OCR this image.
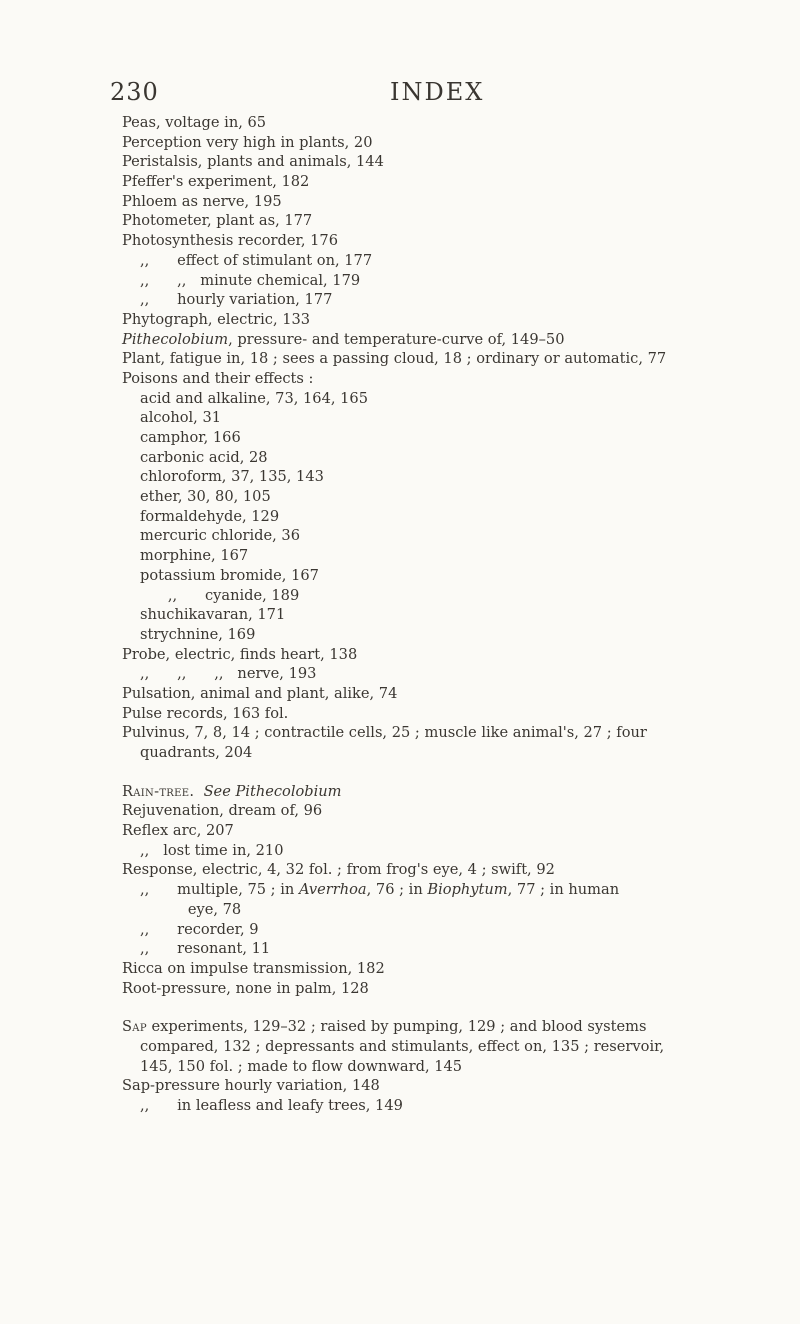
230	INDEX
Peas, voltage in, 65
Perception very high in plants, 20
Peristalsis, plants and animals, 144
Pfeffer's experiment, 182
Phloem as nerve, 195
Photometer, plant as, 177
Photosynthesis recorder, 176
,,      effect of stimulant on, 177
,,      ,,   minute chemical, 179
,,      hourly variation, 177
Phytograph, electric, 133
Pithecolobium, pressure- and temperature-curve of, 149–50
Plant, fatigue in, 18 ; sees a passing cloud, 18 ; ordinary or automatic, 77
Poisons and their effects :
acid and alkaline, 73, 164, 165
alcohol, 31
camphor, 166
carbonic acid, 28
chloroform, 37, 135, 143
ether, 30, 80, 105
formaldehyde, 129
mercuric chloride, 36
morphine, 167
potassium bromide, 167
,,      cyanide, 189
shuchikavaran, 171
strychnine, 169
Probe, electric, finds heart, 138
,,      ,,      ,,   nerve, 193
Pulsation, animal and plant, alike, 74
Pulse records, 163 fol.
Pulvinus, 7, 8, 14 ; contractile cells, 25 ; muscle like animal's, 27 ; four
quadrants, 204
Rain-tree. See Pithecolobium
Rejuvenation, dream of, 96
Reflex arc, 207
,,   lost time in, 210
Response, electric, 4, 32 fol. ; from frog's eye, 4 ; swift, 92
,,      multiple, 75 ; in Averrhoa, 76 ; in Biophytum, 77 ; in human
eye, 78
,,      recorder, 9
,,      resonant, 11
Ricca on impulse transmission, 182
Root-pressure, none in palm, 128
Sap experiments, 129–32 ; raised by pumping, 129 ; and blood systems
compared, 132 ; depressants and stimulants, effect on, 135 ; reservoir,
145, 150 fol. ; made to flow downward, 145
Sap-pressure hourly variation, 148
,,      in leafless and leafy trees, 149
